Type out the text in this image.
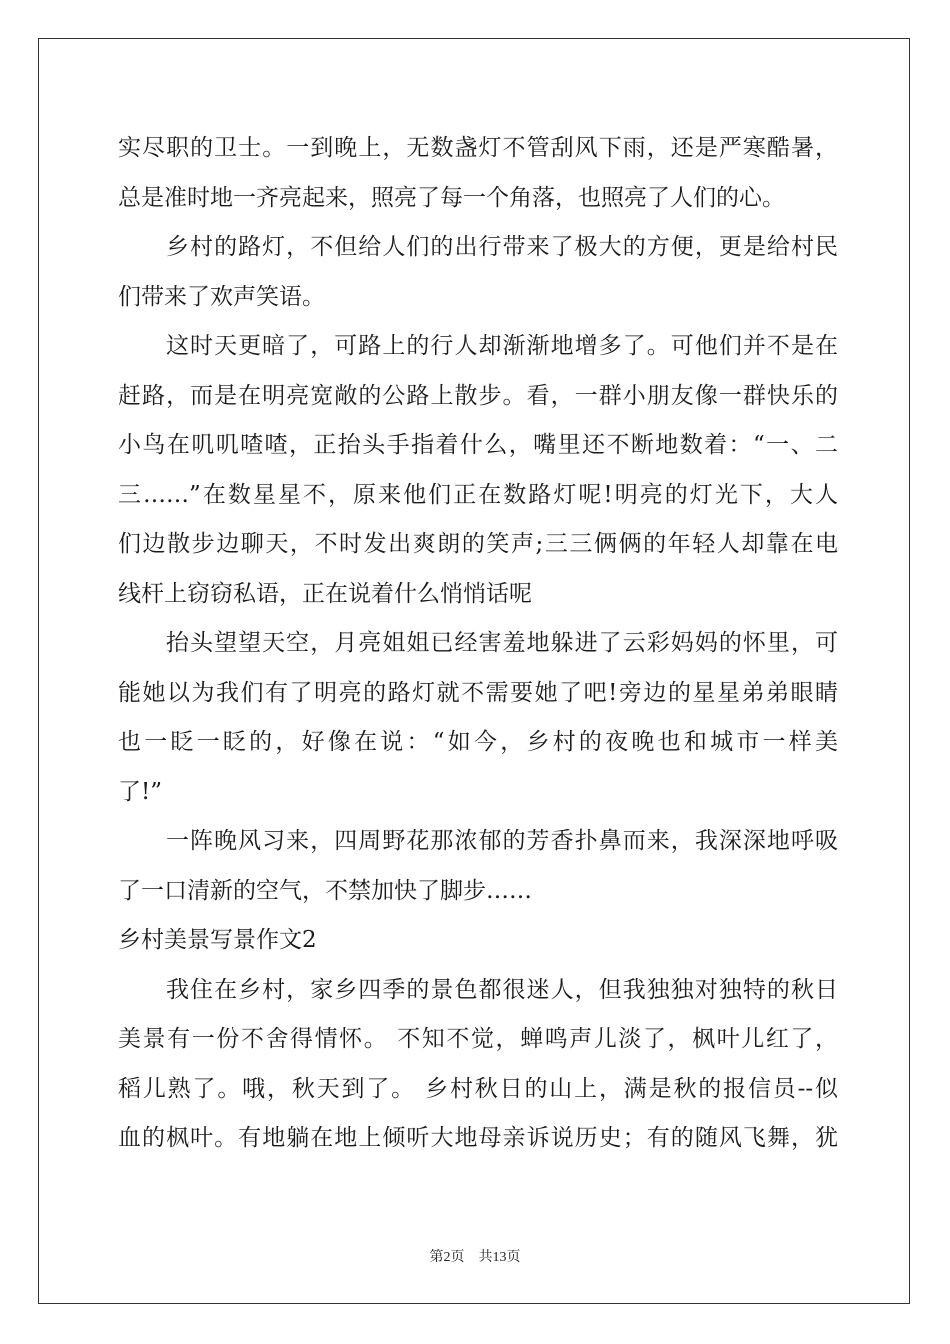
实尽职的卫士。一到晚上，无数盏灯不管刮风下雨，还是严寒酷暑，
总是准时地一齐亮起来，照亮了每一个角落，也照亮了人们的心。
乡村的路灯，不但给人们的出行带来了极大的方便，更是给村民
们带来了欢声笑语。
这时天更暗了，可路上的行人却渐渐地增多了。可他们并不是在
赶路，而是在明亮宽敞的公路上散步。看，一群小朋友像一群快乐的
小鸟在叽叽喳喳，正抬头手指着什么，嘴里还不断地数着：“一、二
三……”在数星星不，原来他们正在数路灯呢!明亮的灯光下，大人
们边散步边聊天，不时发出爽朗的笑声;三三俩俩的年轻人却靠在电
线杆上窃窃私语，正在说着什么悄悄话呢
抬头望望天空，月亮姐姐已经害羞地躲进了云彩妈妈的怀里，可
能她以为我们有了明亮的路灯就不需要她了吧!旁边的星星弟弟眼睛
也一眨一眨的，好像在说：“如今，乡村的夜晚也和城市一样美
了!”
一阵晚风习来，四周野花那浓郁的芳香扑鼻而来，我深深地呼吸
了一口清新的空气，不禁加快了脚步……
乡村美景写景作文2
我住在乡村，家乡四季的景色都很迷人，但我独独对独特的秋日
美景有一份不舍得情怀。 不知不觉，蝉鸣声儿淡了，枫叶儿红了，
稻儿熟了。哦，秋天到了。 乡村秋日的山上，满是秋的报信员--似
血的枫叶。有地躺在地上倾听大地母亲诉说历史；有的随风飞舞，犹
第2页 共13页
